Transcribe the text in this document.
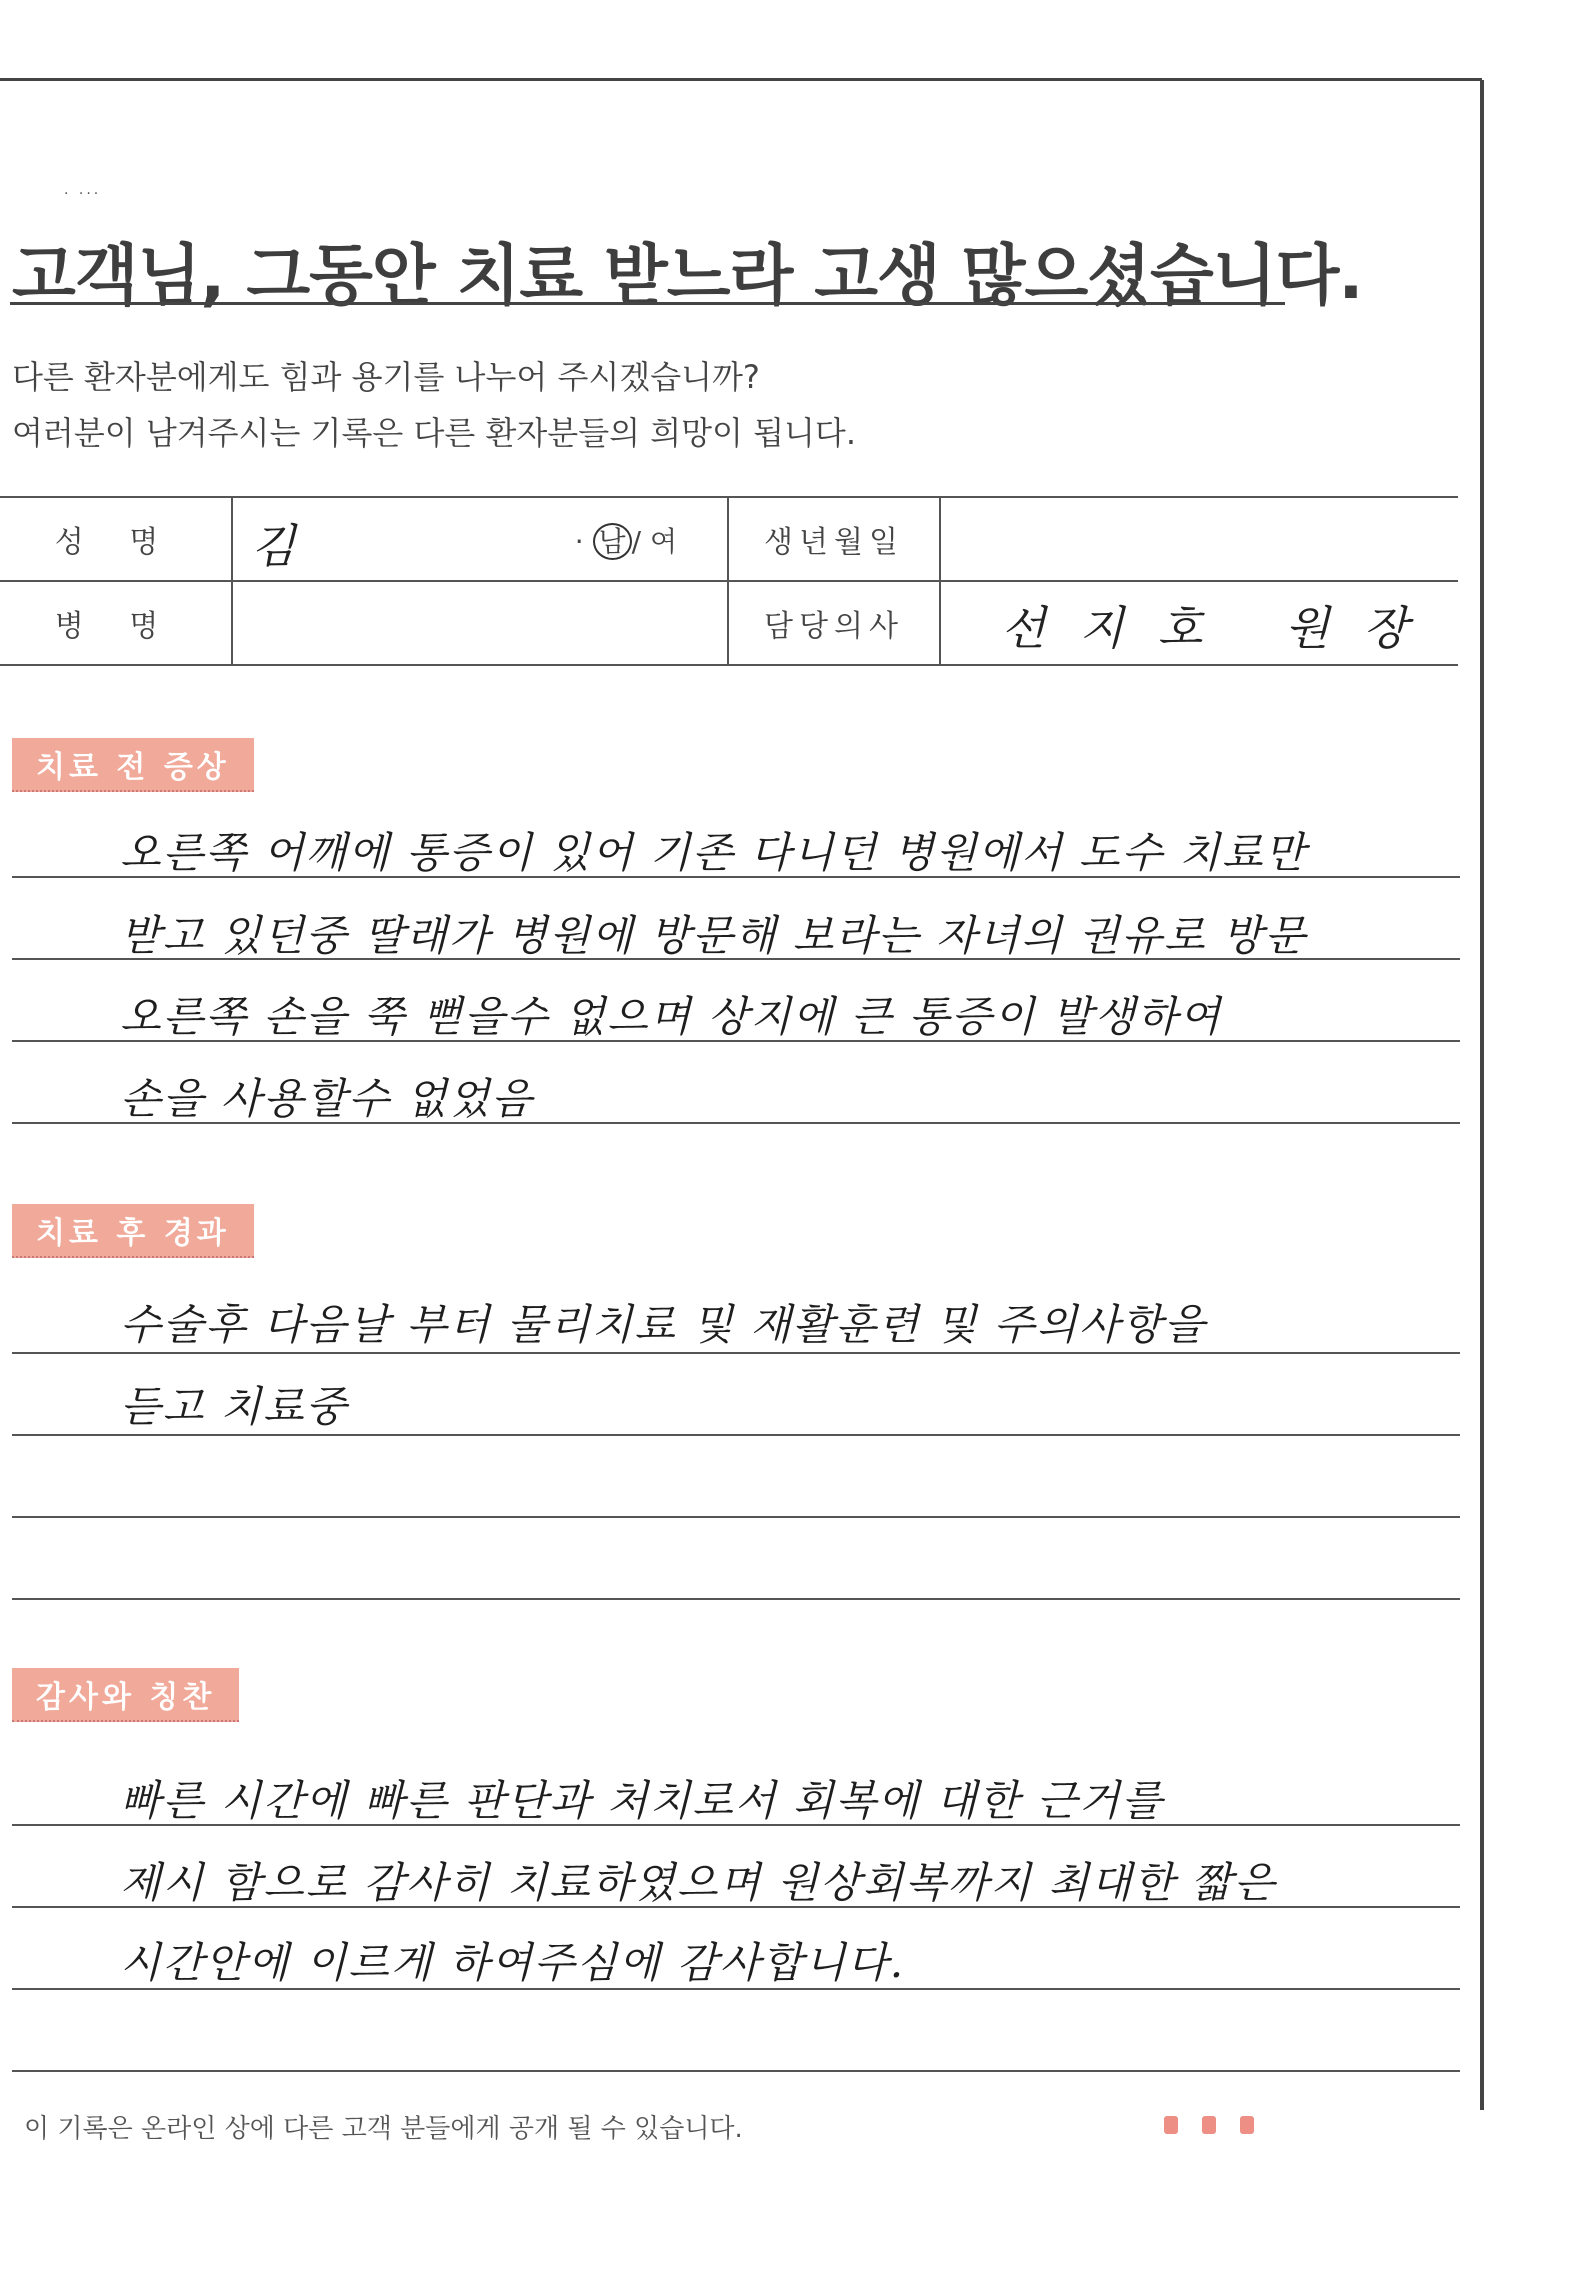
· ···
고객님, 그동안 치료 받느라 고생 많으셨습니다.
다른 환자분에게도 힘과 용기를 나누어 주시겠습니까?
여러분이 남겨주시는 기록은 다른 환자분들의 희망이 됩니다.
성 명	김 · 남 / 여	생년월일	
병 명		담당의사	선지호 원장
치료 전 증상
오른쪽 어깨에 통증이 있어 기존 다니던 병원에서 도수 치료만
받고 있던중 딸래가 병원에 방문해 보라는 자녀의 권유로 방문
오른쪽 손을 쭉 뻗을수 없으며 상지에 큰 통증이 발생하여
손을 사용할수 없었음
치료 후 경과
수술후 다음날 부터 물리치료 및 재활훈련 및 주의사항을
듣고 치료중
감사와 칭찬
빠른 시간에 빠른 판단과 처치로서 회복에 대한 근거를
제시 함으로 감사히 치료하였으며 원상회복까지 최대한 짧은
시간안에 이르게 하여주심에 감사합니다.
이 기록은 온라인 상에 다른 고객 분들에게 공개 될 수 있습니다.
